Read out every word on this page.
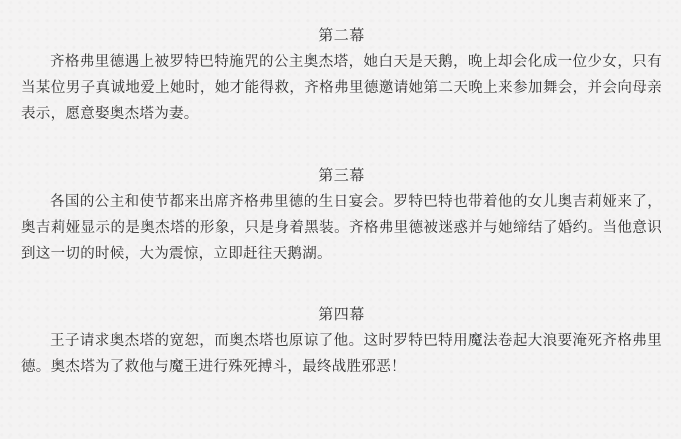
第二幕

齐格弗里德遇上被罗特巴特施咒的公主奥杰塔，她白天是天鹅，晚上却会化成一位少女，只有当某位男子真诚地爱上她时，她才能得救，齐格弗里德邀请她第二天晚上来参加舞会，并会向母亲表示，愿意娶奥杰塔为妻。

第三幕

各国的公主和使节都来出席齐格弗里德的生日宴会。罗特巴特也带着他的女儿奥吉莉娅来了，奥吉莉娅显示的是奥杰塔的形象，只是身着黑装。齐格弗里德被迷惑并与她缔结了婚约。当他意识到这一切的时候，大为震惊，立即赶往天鹅湖。

第四幕

王子请求奥杰塔的宽恕，而奥杰塔也原谅了他。这时罗特巴特用魔法卷起大浪要淹死齐格弗里德。奥杰塔为了救他与魔王进行殊死搏斗，最终战胜邪恶！
